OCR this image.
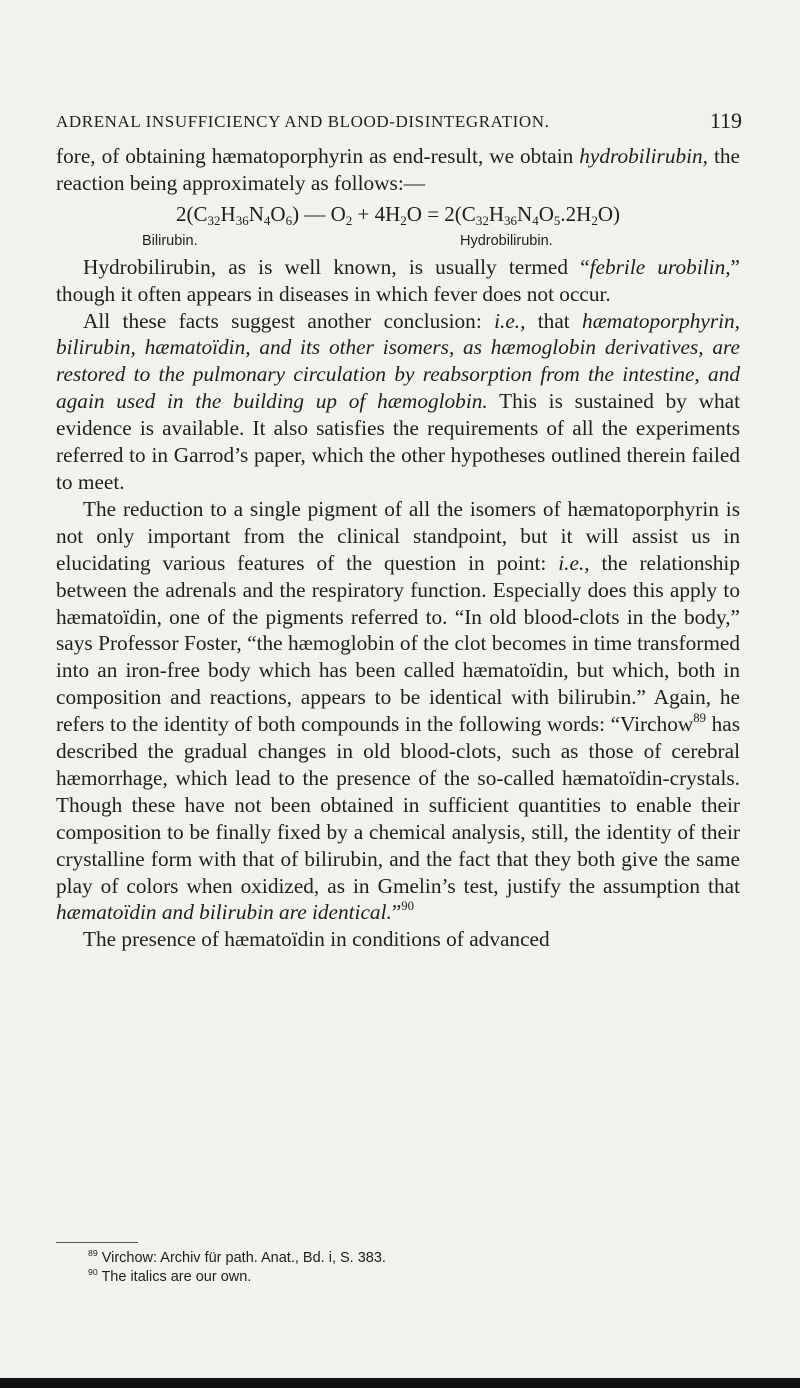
ADRENAL INSUFFICIENCY AND BLOOD-DISINTEGRATION.	119

fore, of obtaining hæmatoporphyrin as end-result, we obtain hydrobilirubin, the reaction being approximately as follows:—

$2(C_{32}H_{36}N_4O_6)$ — $O_2 + 4H_2O = 2(C_{32}H_{36}N_4O_5.2H_2O)$
Bilirubin.	Hydrobilirubin.

Hydrobilirubin, as is well known, is usually termed “febrile urobilin,” though it often appears in diseases in which fever does not occur.

All these facts suggest another conclusion: i.e., that hæmatoporphyrin, bilirubin, hæmatoïdin, and its other isomers, as hæmoglobin derivatives, are restored to the pulmonary circulation by reabsorption from the intestine, and again used in the building up of hæmoglobin. This is sustained by what evidence is available. It also satisfies the requirements of all the experiments referred to in Garrod’s paper, which the other hypotheses outlined therein failed to meet.

The reduction to a single pigment of all the isomers of hæmatoporphyrin is not only important from the clinical standpoint, but it will assist us in elucidating various features of the question in point: i.e., the relationship between the adrenals and the respiratory function. Especially does this apply to hæmatoïdin, one of the pigments referred to. “In old blood-clots in the body,” says Professor Foster, “the hæmoglobin of the clot becomes in time transformed into an iron-free body which has been called hæmatoïdin, but which, both in composition and reactions, appears to be identical with bilirubin.” Again, he refers to the identity of both compounds in the following words: “Virchow$^{89}$ has described the gradual changes in old blood-clots, such as those of cerebral hæmorrhage, which lead to the presence of the so-called hæmatoïdin-crystals. Though these have not been obtained in sufficient quantities to enable their composition to be finally fixed by a chemical analysis, still, the identity of their crystalline form with that of bilirubin, and the fact that they both give the same play of colors when oxidized, as in Gmelin’s test, justify the assumption that hæmatoïdin and bilirubin are identical.”$^{90}$

The presence of hæmatoïdin in conditions of advanced

$^{89}$ Virchow: Archiv für path. Anat., Bd. i, S. 383.
$^{90}$ The italics are our own.
